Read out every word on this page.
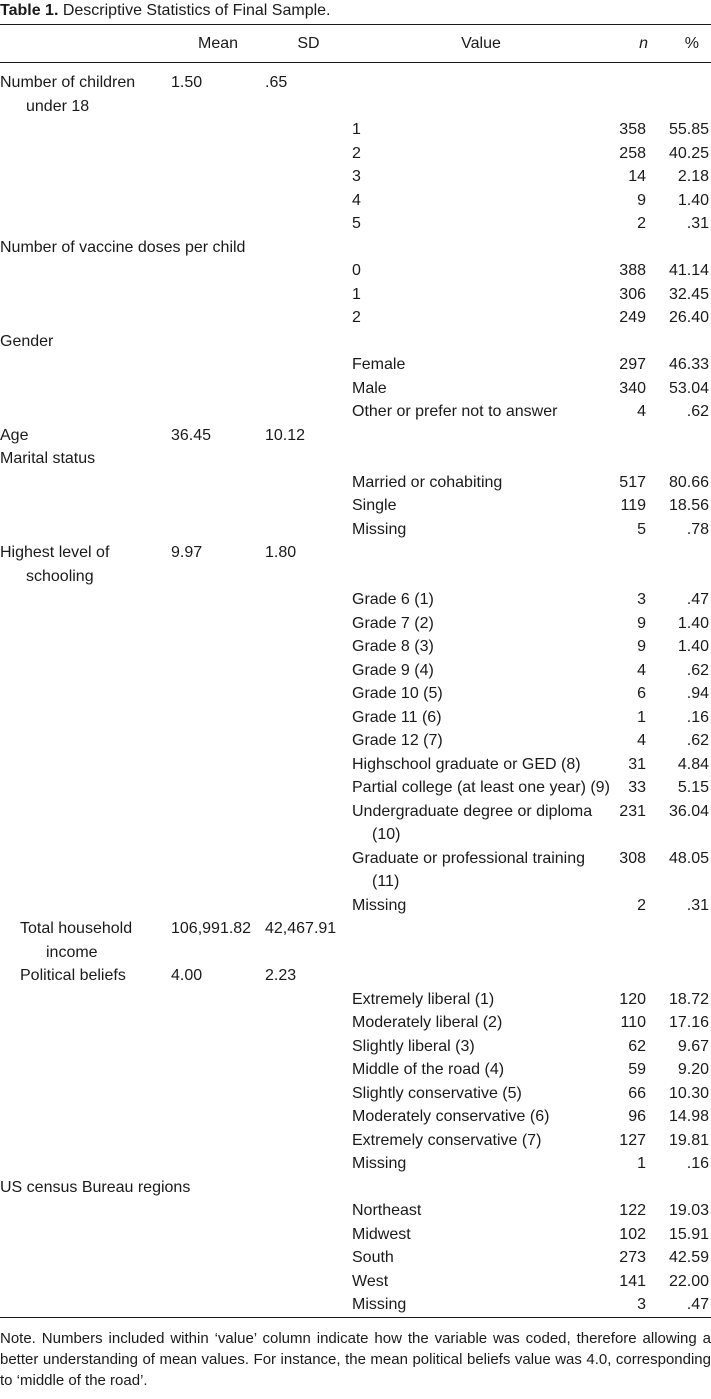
Table 1. Descriptive Statistics of Final Sample.
	Mean	SD	Value	n	%

Number of children under 18	1.50	.65	

			1	358	55.85

			2	258	40.25

			3	14	2.18

			4	9	1.40

			5	2	.31

Number of vaccine doses per child					

			0	388	41.14

			1	306	32.45

			2	249	26.40

Gender					

			Female	297	46.33

			Male	340	53.04

			Other or prefer not to answer	4	.62

Age	36.45	10.12	

Marital status					

			Married or cohabiting	517	80.66

			Single	119	18.56

			Missing	5	.78

Highest level of schooling	9.97	1.80	

			Grade 6 (1)	3	.47

			Grade 7 (2)	9	1.40

			Grade 8 (3)	9	1.40

			Grade 9 (4)	4	.62

			Grade 10 (5)	6	.94

			Grade 11 (6)	1	.16

			Grade 12 (7)	4	.62

			Highschool graduate or GED (8)	31	4.84

			Partial college (at least one year) (9)	33	5.15

			Undergraduate degree or diploma (10)	231	36.04

			Graduate or professional training (11)	308	48.05

			Missing	2	.31

Total household income	106,991.82	42,467.91	

Political beliefs	4.00	2.23	

			Extremely liberal (1)	120	18.72

			Moderately liberal (2)	110	17.16

			Slightly liberal (3)	62	9.67

			Middle of the road (4)	59	9.20

			Slightly conservative (5)	66	10.30

			Moderately conservative (6)	96	14.98

			Extremely conservative (7)	127	19.81

			Missing	1	.16

US census Bureau regions					

			Northeast	122	19.03

			Midwest	102	15.91

			South	273	42.59

			West	141	22.00

			Missing	3	.47
Note. Numbers included within ‘value’ column indicate how the variable was coded, therefore allowing a better understanding of mean values. For instance, the mean political beliefs value was 4.0, corresponding to ‘middle of the road’.
